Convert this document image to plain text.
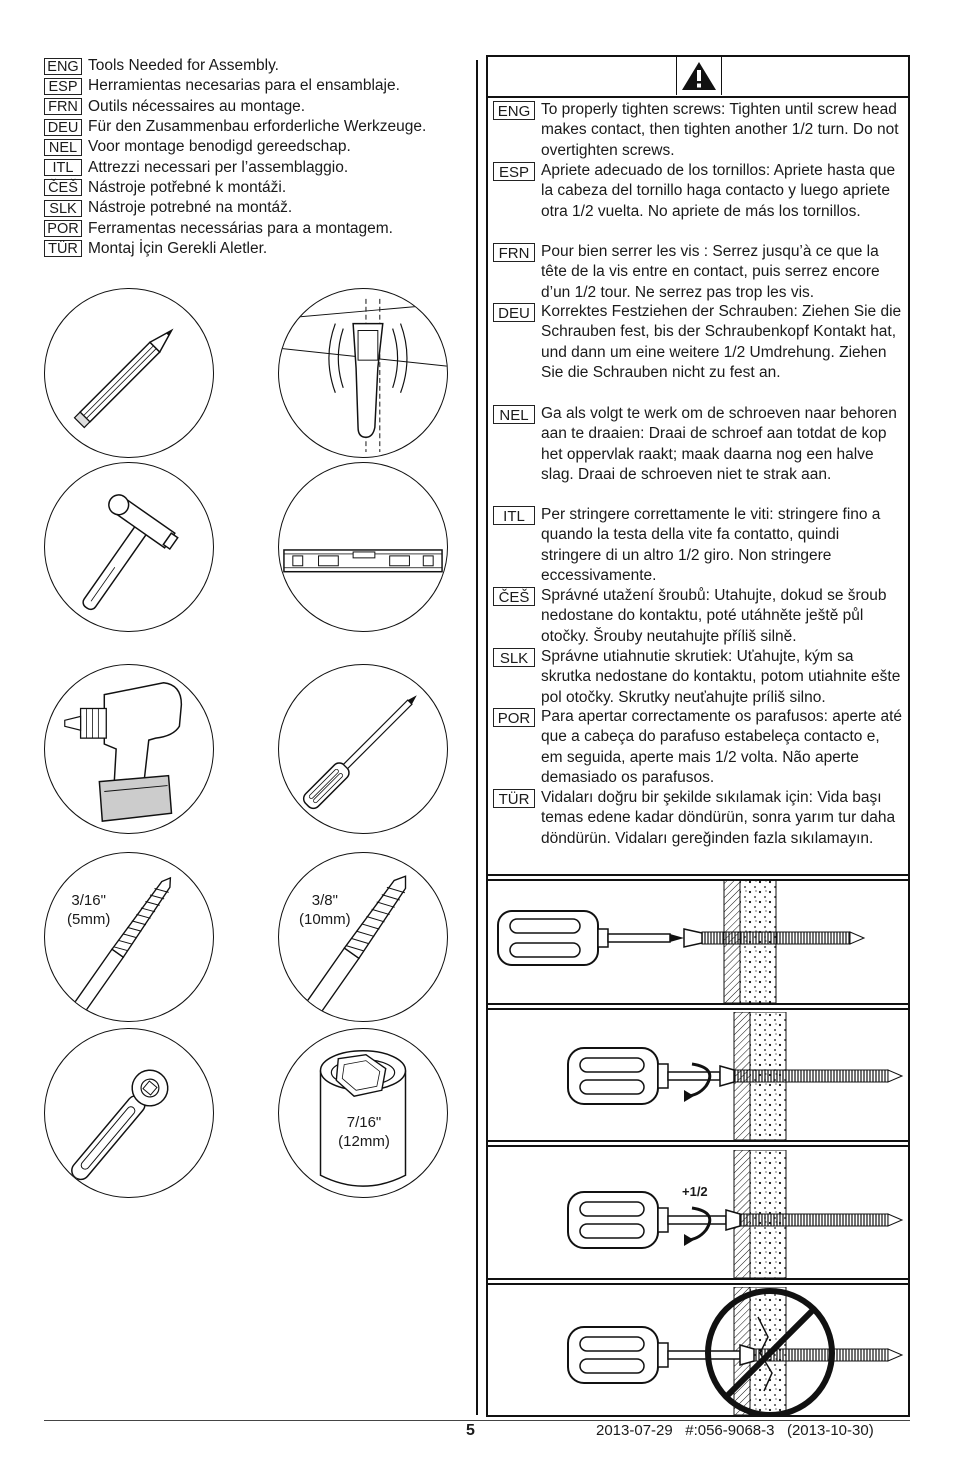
ENG Tools Needed for Assembly.
ESP Herramientas necesarias para el ensamblaje.
FRN Outils nécessaires au montage.
DEU Für den Zusammenbau erforderliche Werkzeuge.
NEL Voor montage benodigd gereedschap.
ITL Attrezzi necessari per l’assemblaggio.
ČEŠ Nástroje potřebné k montáži.
SLK Nástroje potrebné na montáž.
POR Ferramentas necessárias para a montagem.
TÜR Montaj İçin Gerekli Aletler.
3/16"
(5mm)
3/8"
(10mm)
7/16"
(12mm)
ENG To properly tighten screws: Tighten until screw head makes contact, then tighten another 1/2 turn. Do not overtighten screws.
ESP Apriete adecuado de los tornillos: Apriete hasta que la cabeza del tornillo haga contacto y luego apriete otra 1/2 vuelta. No apriete de más los tornillos.
FRN Pour bien serrer les vis : Serrez jusqu’à ce que la tête de la vis entre en contact, puis serrez encore d’un 1/2 tour. Ne serrez pas trop les vis.
DEU Korrektes Festziehen der Schrauben: Ziehen Sie die Schrauben fest, bis der Schraubenkopf Kontakt hat, und dann um eine weitere 1/2 Umdrehung. Ziehen Sie die Schrauben nicht zu fest an.
NEL Ga als volgt te werk om de schroeven naar behoren aan te draaien: Draai de schroef aan totdat de kop het oppervlak raakt; maak daarna nog een halve slag. Draai de schroeven niet te strak aan.
ITL	Per stringere correttamente le viti: stringere fino a quando la testa della vite fa contatto, quindi stringere di un altro 1/2 giro. Non stringere eccessivamente.
ČEŠ Správné utažení šroubů: Utahujte, dokud se šroub nedostane do kontaktu, poté utáhněte ještě půl otočky. Šrouby neutahujte příliš silně.
SLK Správne utiahnutie skrutiek: Uťahujte, kým sa skrutka nedostane do kontaktu, potom utiahnite ešte pol otočky. Skrutky neuťahujte príliš silno.
POR Para apertar correctamente os parafusos: aperte até que a cabeça do parafuso estabeleça contacto e, em seguida, aperte mais 1/2 volta. Não aperte demasiado os parafusos.
TÜR Vidaları doğru bir şekilde sıkılamak için: Vida başı temas edene kadar döndürün, sonra yarım tur daha döndürün. Vidaları gereğinden fazla sıkılamayın.
+1/2
5	2013-07-29   #:056-9068-3   (2013-10-30)
